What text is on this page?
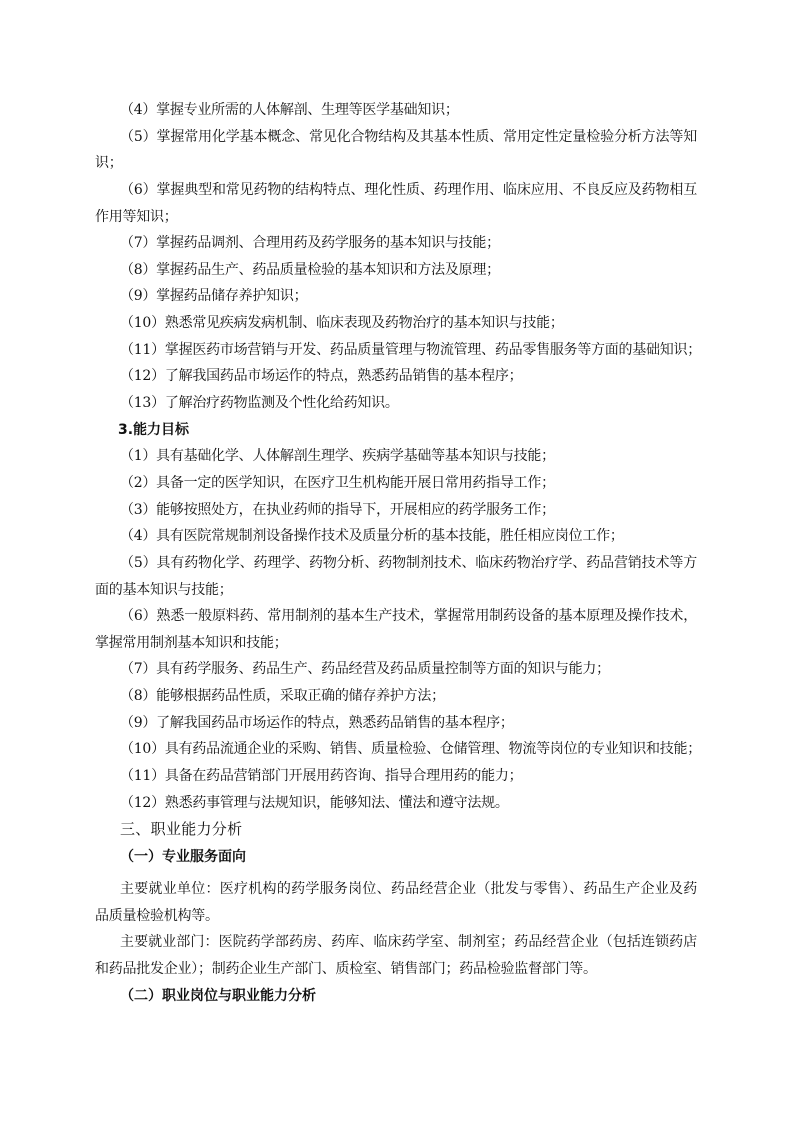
（4）掌握专业所需的人体解剖、生理等医学基础知识；
（5）掌握常用化学基本概念、常见化合物结构及其基本性质、常用定性定量检验分析方法等知
识；
（6）掌握典型和常见药物的结构特点、理化性质、药理作用、临床应用、不良反应及药物相互
作用等知识；
（7）掌握药品调剂、合理用药及药学服务的基本知识与技能；
（8）掌握药品生产、药品质量检验的基本知识和方法及原理；
（9）掌握药品储存养护知识；
（10）熟悉常见疾病发病机制、临床表现及药物治疗的基本知识与技能；
（11）掌握医药市场营销与开发、药品质量管理与物流管理、药品零售服务等方面的基础知识；
（12）了解我国药品市场运作的特点，熟悉药品销售的基本程序；
（13）了解治疗药物监测及个性化给药知识。
3.能力目标
（1）具有基础化学、人体解剖生理学、疾病学基础等基本知识与技能；
（2）具备一定的医学知识，在医疗卫生机构能开展日常用药指导工作；
（3）能够按照处方，在执业药师的指导下，开展相应的药学服务工作；
（4）具有医院常规制剂设备操作技术及质量分析的基本技能，胜任相应岗位工作；
（5）具有药物化学、药理学、药物分析、药物制剂技术、临床药物治疗学、药品营销技术等方
面的基本知识与技能；
（6）熟悉一般原料药、常用制剂的基本生产技术，掌握常用制药设备的基本原理及操作技术，
掌握常用制剂基本知识和技能；
（7）具有药学服务、药品生产、药品经营及药品质量控制等方面的知识与能力；
（8）能够根据药品性质，采取正确的储存养护方法；
（9）了解我国药品市场运作的特点，熟悉药品销售的基本程序；
（10）具有药品流通企业的采购、销售、质量检验、仓储管理、物流等岗位的专业知识和技能；
（11）具备在药品营销部门开展用药咨询、指导合理用药的能力；
（12）熟悉药事管理与法规知识，能够知法、懂法和遵守法规。
三、职业能力分析
（一）专业服务面向
主要就业单位：医疗机构的药学服务岗位、药品经营企业（批发与零售）、药品生产企业及药
品质量检验机构等。
主要就业部门：医院药学部药房、药库、临床药学室、制剂室；药品经营企业（包括连锁药店
和药品批发企业）；制药企业生产部门、质检室、销售部门；药品检验监督部门等。
（二）职业岗位与职业能力分析
